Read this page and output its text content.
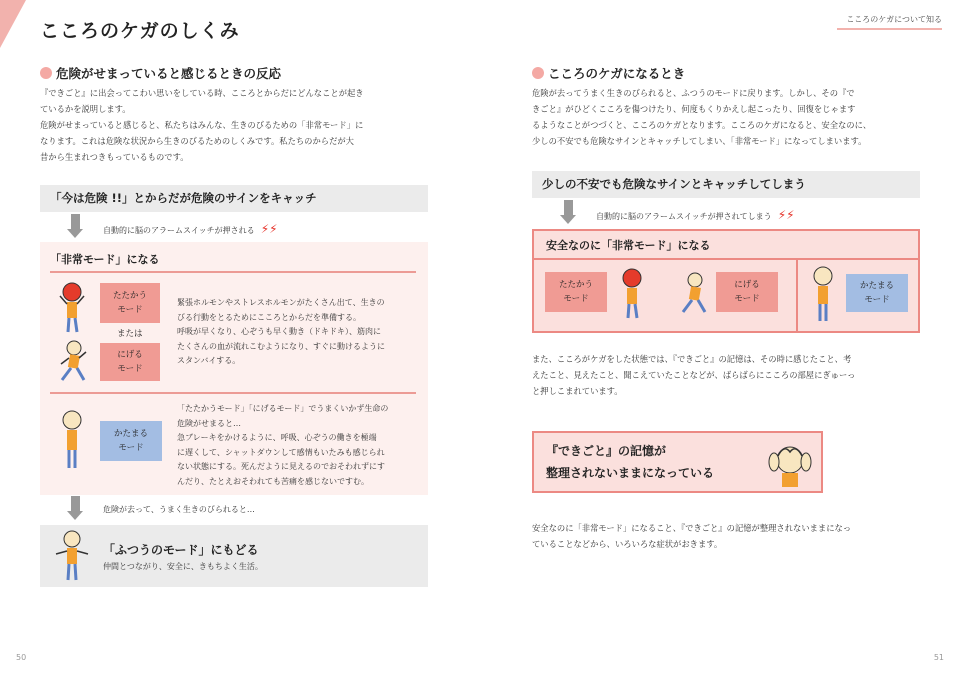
こころのケガのしくみ
危険がせまっていると感じるときの反応
『できごと』に出会ってこわい思いをしている時、こころとからだにどんなことが起き
ているかを説明します。
危険がせまっていると感じると、私たちはみんな、生きのびるための「非常モード」に
なります。これは危険な状況から生きのびるためのしくみです。私たちのからだが大
昔から生まれつきもっているものです。
「今は危険 !!」とからだが危険のサインをキャッチ
自動的に脳のアラームスイッチが押される ⚡⚡
「非常モード」になる
たたかう
モード
または
にげる
モード
緊張ホルモンやストレスホルモンがたくさん出て、生きの
びる行動をとるためにこころとからだを準備する。
呼吸が早くなり、心ぞうも早く動き（ドキドキ）、筋肉に
たくさんの血が流れこむようになり、すぐに動けるように
スタンバイする。
かたまる
モード
「たたかうモード」「にげるモード」でうまくいかず生命の
危険がせまると…
急ブレーキをかけるように、呼吸、心ぞうの働きを極端
に遅くして、シャットダウンして感情もいたみも感じられ
ない状態にする。死んだように見えるのでおそわれずにす
んだり、たとえおそわれても苦痛を感じないですむ。
危険が去って、うまく生きのびられると…
「ふつうのモード」にもどる
仲間とつながり、安全に、きもちよく生活。
50
こころのケガについて知る
こころのケガになるとき
危険が去ってうまく生きのびられると、ふつうのモードに戻ります。しかし、その『で
きごと』がひどくこころを傷つけたり、何度もくりかえし起こったり、回復をじゃます
るようなことがつづくと、こころのケガとなります。こころのケガになると、安全なのに、
少しの不安でも危険なサインとキャッチしてしまい、「非常モード」になってしまいます。
少しの不安でも危険なサインとキャッチしてしまう
自動的に脳のアラームスイッチが押されてしまう ⚡⚡
安全なのに「非常モード」になる
たたかう
モード
にげる
モード
かたまる
モード
また、こころがケガをした状態では、『できごと』の記憶は、その時に感じたこと、考
えたこと、見えたこと、聞こえていたことなどが、ばらばらにこころの部屋にぎゅーっ
と押しこまれています。
『できごと』の記憶が
整理されないままになっている
安全なのに「非常モード」になること、『できごと』の記憶が整理されないままになっ
ていることなどから、いろいろな症状がおきます。
51
